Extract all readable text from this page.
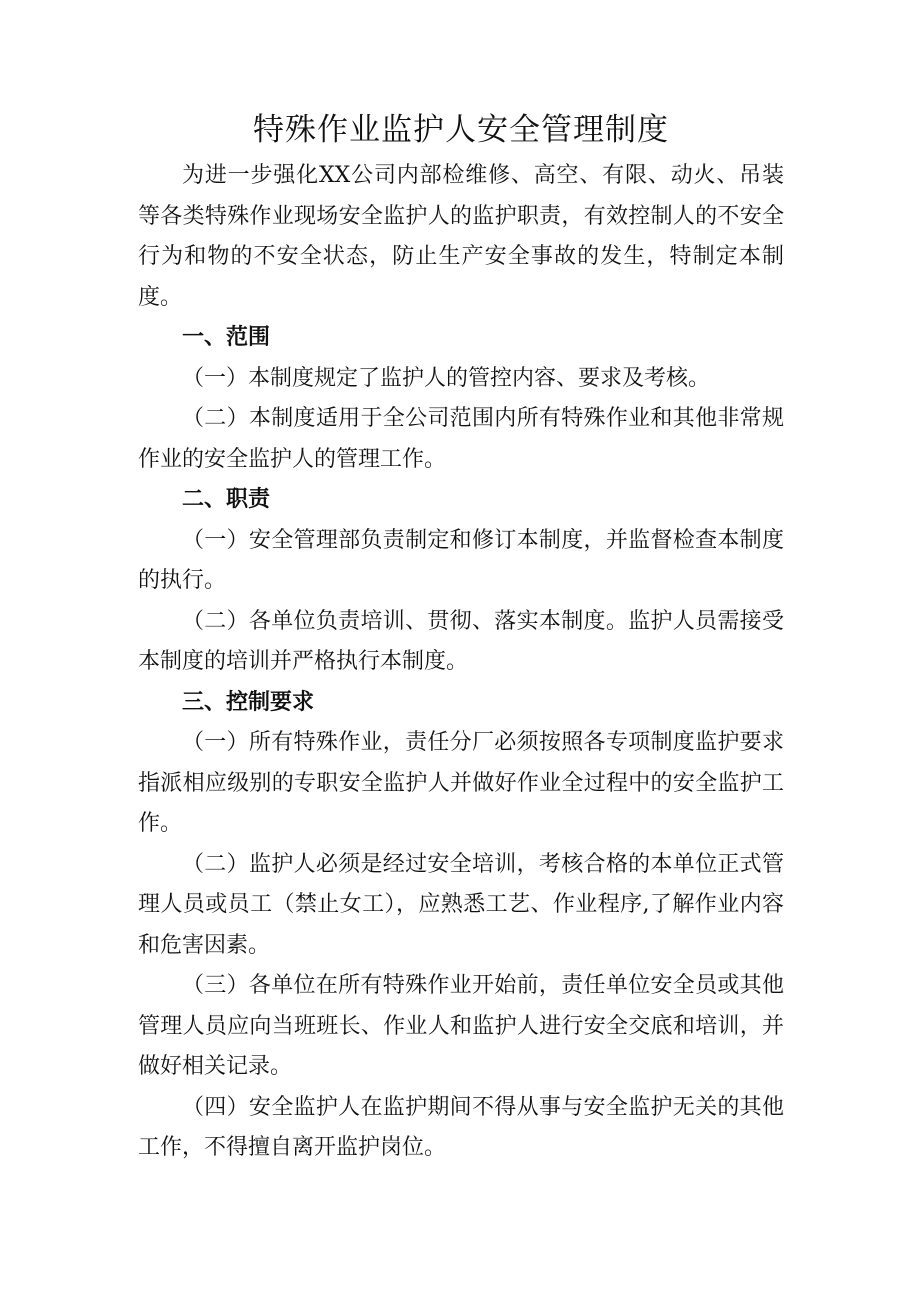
特殊作业监护人安全管理制度

为进一步强化XX公司内部检维修、高空、有限、动火、吊装等各类特殊作业现场安全监护人的监护职责，有效控制人的不安全行为和物的不安全状态，防止生产安全事故的发生，特制定本制度。

一、范围

（一）本制度规定了监护人的管控内容、要求及考核。

（二）本制度适用于全公司范围内所有特殊作业和其他非常规作业的安全监护人的管理工作。

二、职责

（一）安全管理部负责制定和修订本制度，并监督检查本制度的执行。

（二）各单位负责培训、贯彻、落实本制度。监护人员需接受本制度的培训并严格执行本制度。

三、控制要求

（一）所有特殊作业，责任分厂必须按照各专项制度监护要求指派相应级别的专职安全监护人并做好作业全过程中的安全监护工作。

（二）监护人必须是经过安全培训，考核合格的本单位正式管理人员或员工（禁止女工），应熟悉工艺、作业程序,了解作业内容和危害因素。

（三）各单位在所有特殊作业开始前，责任单位安全员或其他管理人员应向当班班长、作业人和监护人进行安全交底和培训，并做好相关记录。

（四）安全监护人在监护期间不得从事与安全监护无关的其他工作，不得擅自离开监护岗位。
